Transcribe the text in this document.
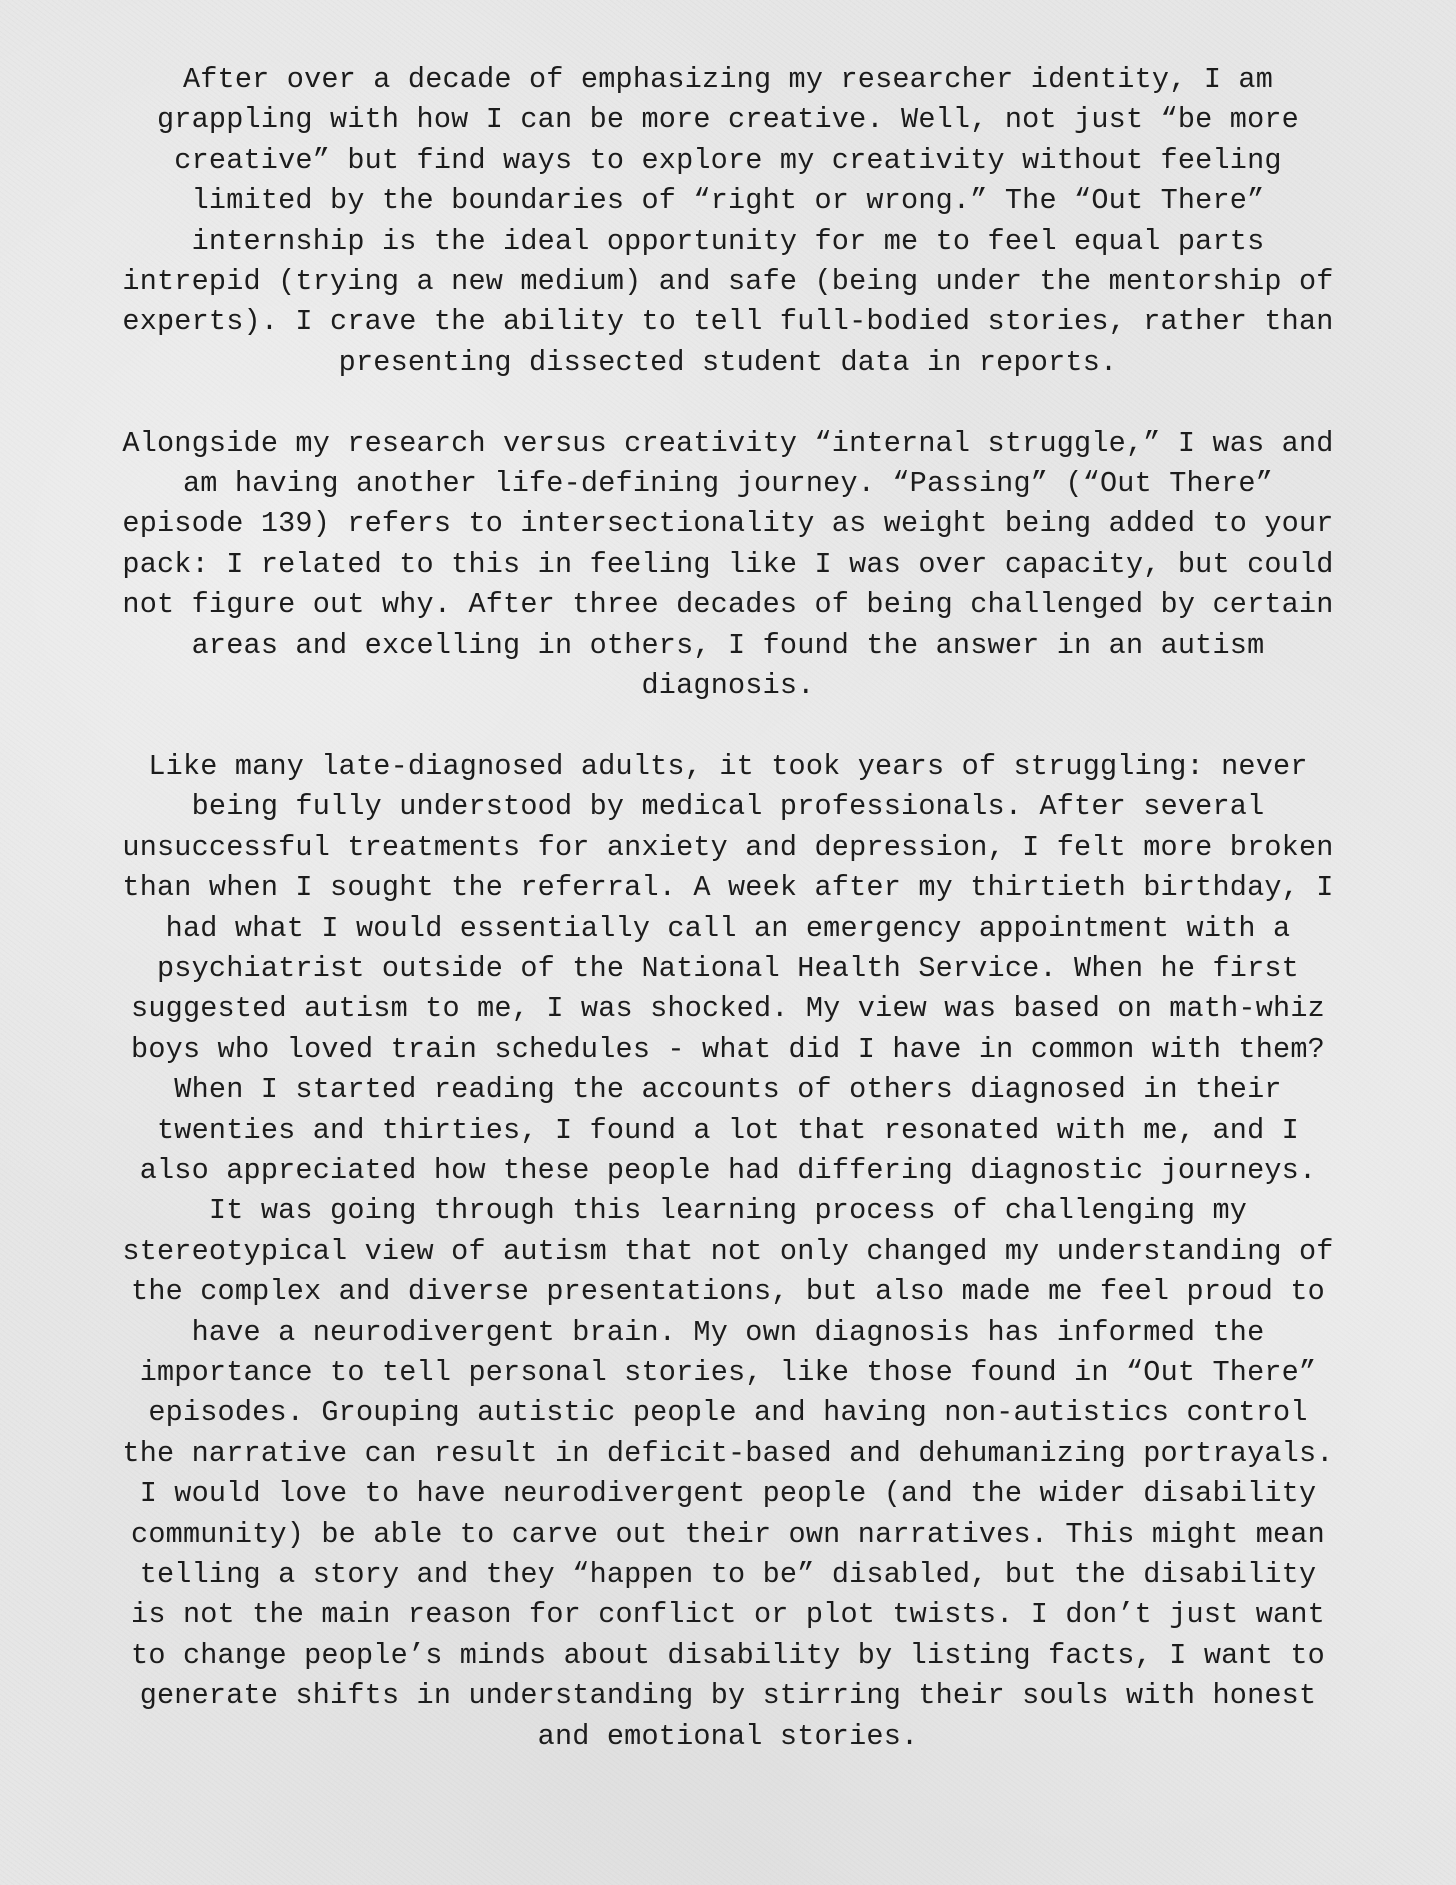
After over a decade of emphasizing my researcher identity, I am
grappling with how I can be more creative. Well, not just “be more
creative” but find ways to explore my creativity without feeling
limited by the boundaries of “right or wrong.” The “Out There”
internship is the ideal opportunity for me to feel equal parts
intrepid (trying a new medium) and safe (being under the mentorship of
experts). I crave the ability to tell full-bodied stories, rather than
presenting dissected student data in reports.
Alongside my research versus creativity “internal struggle,” I was and
am having another life-defining journey. “Passing” (“Out There”
episode 139) refers to intersectionality as weight being added to your
pack: I related to this in feeling like I was over capacity, but could
not figure out why. After three decades of being challenged by certain
areas and excelling in others, I found the answer in an autism
diagnosis.
Like many late-diagnosed adults, it took years of struggling: never
being fully understood by medical professionals. After several
unsuccessful treatments for anxiety and depression, I felt more broken
than when I sought the referral. A week after my thirtieth birthday, I
had what I would essentially call an emergency appointment with a
psychiatrist outside of the National Health Service. When he first
suggested autism to me, I was shocked. My view was based on math-whiz
boys who loved train schedules - what did I have in common with them?
When I started reading the accounts of others diagnosed in their
twenties and thirties, I found a lot that resonated with me, and I
also appreciated how these people had differing diagnostic journeys.
It was going through this learning process of challenging my
stereotypical view of autism that not only changed my understanding of
the complex and diverse presentations, but also made me feel proud to
have a neurodivergent brain. My own diagnosis has informed the
importance to tell personal stories, like those found in “Out There”
episodes. Grouping autistic people and having non-autistics control
the narrative can result in deficit-based and dehumanizing portrayals.
I would love to have neurodivergent people (and the wider disability
community) be able to carve out their own narratives. This might mean
telling a story and they “happen to be” disabled, but the disability
is not the main reason for conflict or plot twists. I don’t just want
to change people’s minds about disability by listing facts, I want to
generate shifts in understanding by stirring their souls with honest
and emotional stories.
